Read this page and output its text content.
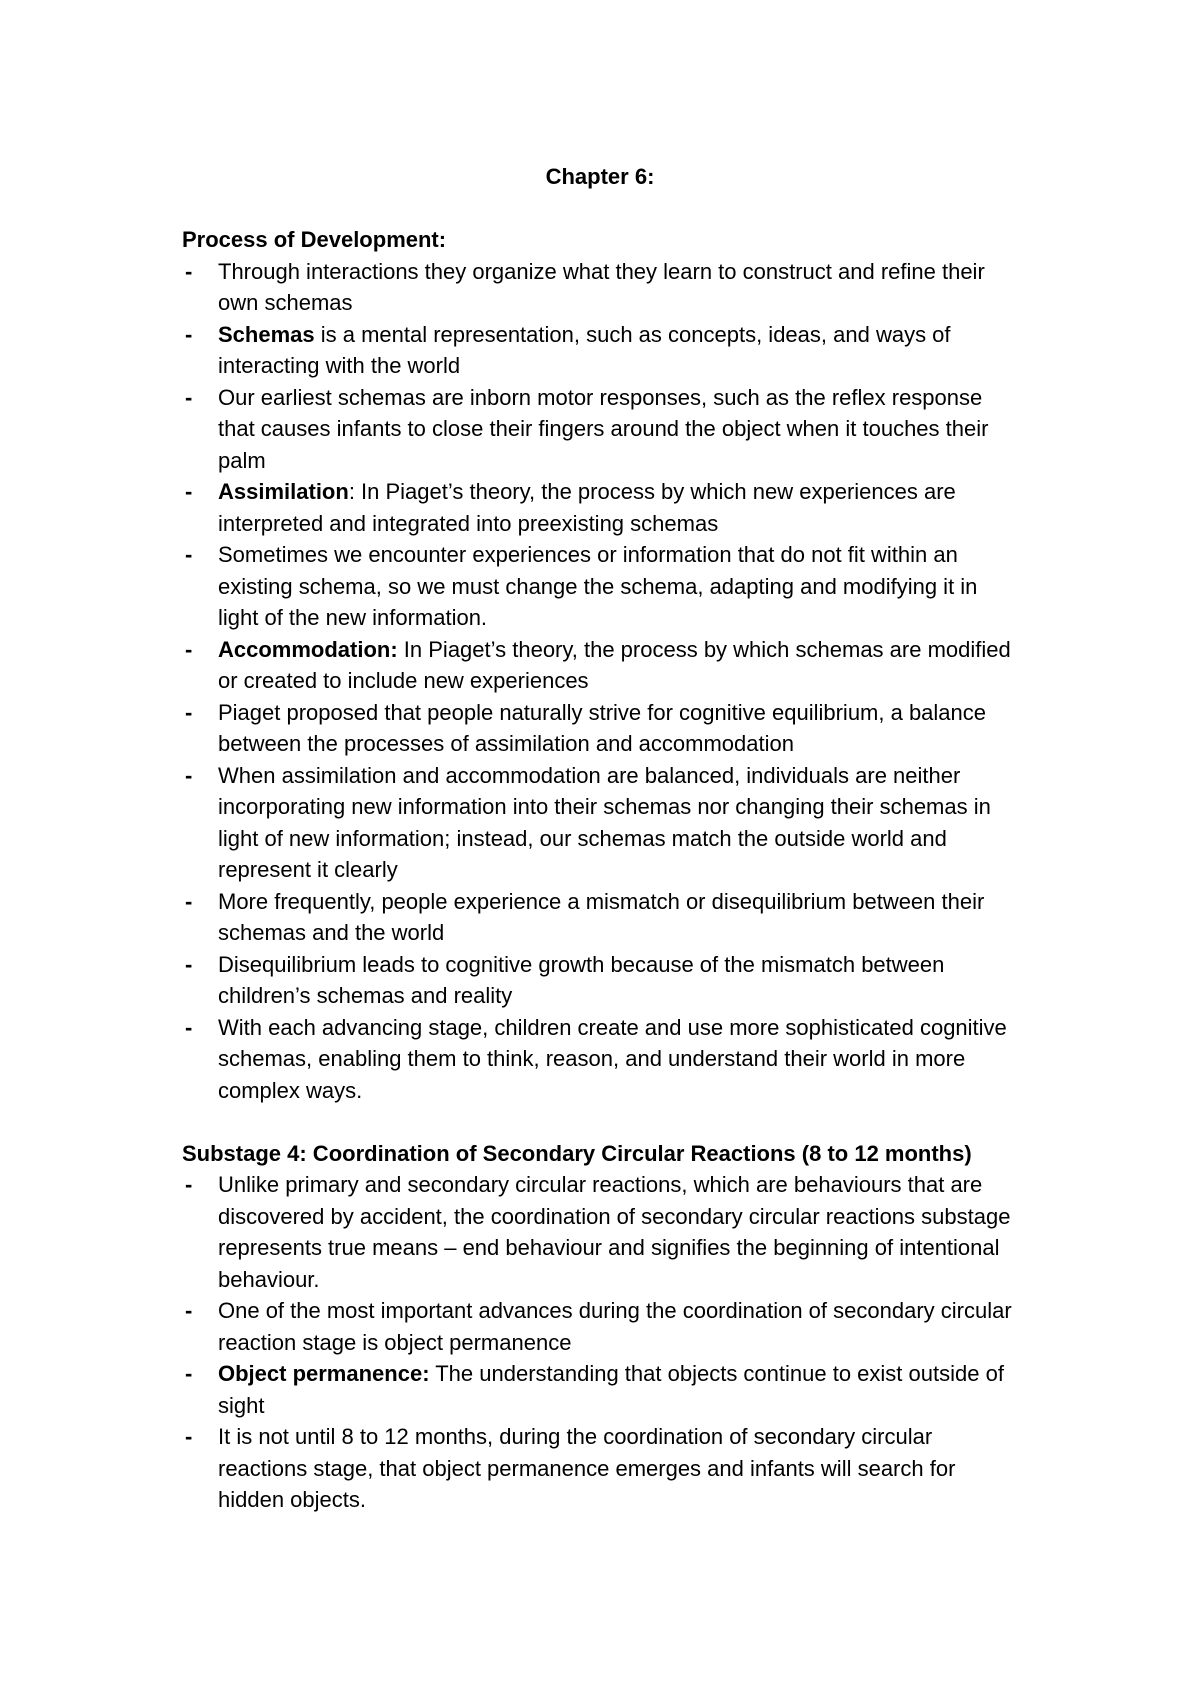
Chapter 6:

Process of Development:

- Through interactions they organize what they learn to construct and refine their own schemas
- Schemas is a mental representation, such as concepts, ideas, and ways of interacting with the world
- Our earliest schemas are inborn motor responses, such as the reflex response that causes infants to close their fingers around the object when it touches their palm
- Assimilation: In Piaget’s theory, the process by which new experiences are interpreted and integrated into preexisting schemas
- Sometimes we encounter experiences or information that do not fit within an existing schema, so we must change the schema, adapting and modifying it in light of the new information.
- Accommodation: In Piaget’s theory, the process by which schemas are modified or created to include new experiences
- Piaget proposed that people naturally strive for cognitive equilibrium, a balance between the processes of assimilation and accommodation
- When assimilation and accommodation are balanced, individuals are neither incorporating new information into their schemas nor changing their schemas in light of new information; instead, our schemas match the outside world and represent it clearly
- More frequently, people experience a mismatch or disequilibrium between their schemas and the world
- Disequilibrium leads to cognitive growth because of the mismatch between children’s schemas and reality
- With each advancing stage, children create and use more sophisticated cognitive schemas, enabling them to think, reason, and understand their world in more complex ways.

Substage 4: Coordination of Secondary Circular Reactions (8 to 12 months)

- Unlike primary and secondary circular reactions, which are behaviours that are discovered by accident, the coordination of secondary circular reactions substage represents true means – end behaviour and signifies the beginning of intentional behaviour.
- One of the most important advances during the coordination of secondary circular reaction stage is object permanence
- Object permanence: The understanding that objects continue to exist outside of sight
- It is not until 8 to 12 months, during the coordination of secondary circular reactions stage, that object permanence emerges and infants will search for hidden objects.
